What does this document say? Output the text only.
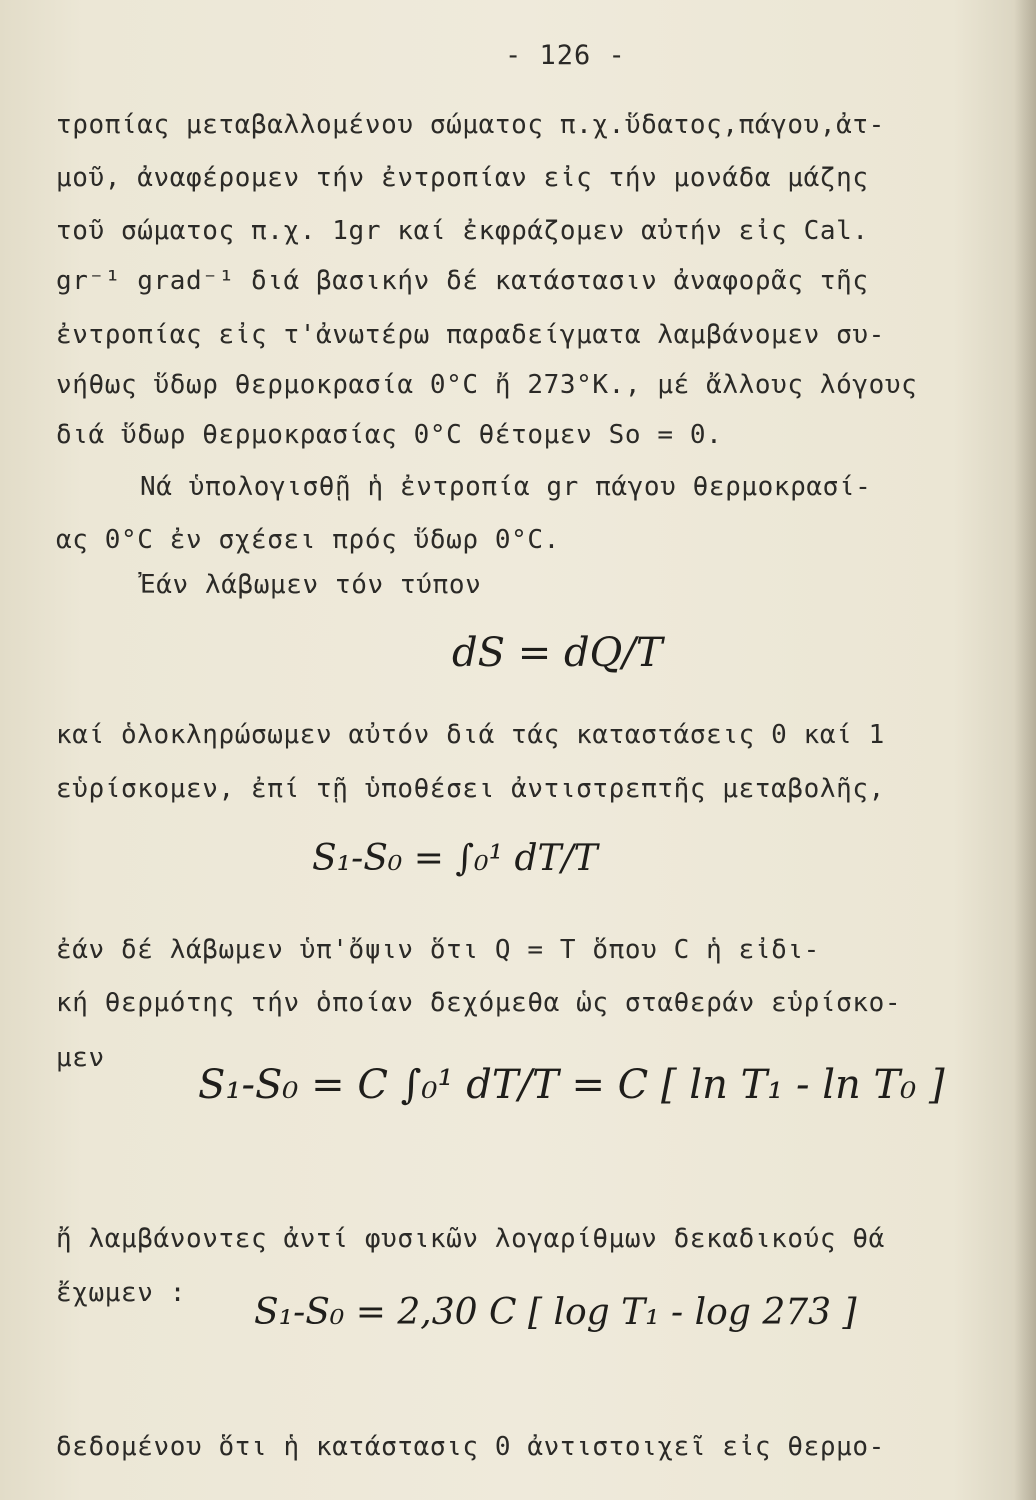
- 126 -
τροπίας μεταβαλλομένου σώματος π.χ.ὕδατος,πάγου,ἀτ-
μοῦ, ἀναφέρομεν τήν ἐντροπίαν εἰς τήν μονάδα μάζης
τοῦ σώματος π.χ. 1gr καί ἐκφράζομεν αὐτήν εἰς Cal.
gr⁻¹ grad⁻¹ διά βασικήν δέ κατάστασιν ἀναφορᾶς τῆς
ἐντροπίας εἰς τ'ἀνωτέρω παραδείγματα λαμβάνομεν συ-
νήθως ὕδωρ θερμοκρασία 0°C ἤ 273°K., μέ ἄλλους λόγους
διά ὕδωρ θερμοκρασίας 0°C θέτομεν So = 0.
Νά ὑπολογισθῇ ἡ ἐντροπία gr πάγου θερμοκρασί-
ας 0°C ἐν σχέσει πρός ὕδωρ 0°C.
Ἐάν λάβωμεν τόν τύπον
dS = dQ/T
καί ὁλοκληρώσωμεν αὐτόν διά τάς καταστάσεις 0 καί 1
εὑρίσκομεν, ἐπί τῇ ὑποθέσει ἀντιστρεπτῆς μεταβολῆς,
S₁-S₀ = ∫₀¹ dT/T
ἐάν δέ λάβωμεν ὑπ'ὄψιν ὅτι Q = T ὅπου C ἡ εἰδι-
κή θερμότης τήν ὁποίαν δεχόμεθα ὡς σταθεράν εὑρίσκο-
μεν
S₁-S₀ = C ∫₀¹ dT/T = C [ ln T₁ - ln T₀ ]
ἤ λαμβάνοντες ἀντί φυσικῶν λογαρίθμων δεκαδικούς θά
ἔχωμεν : S₁-S₀ = 2,30 C [ log T₁ - log 273 ]
δεδομένου ὅτι ἡ κατάστασις 0 ἀντιστοιχεῖ εἰς θερμο-
